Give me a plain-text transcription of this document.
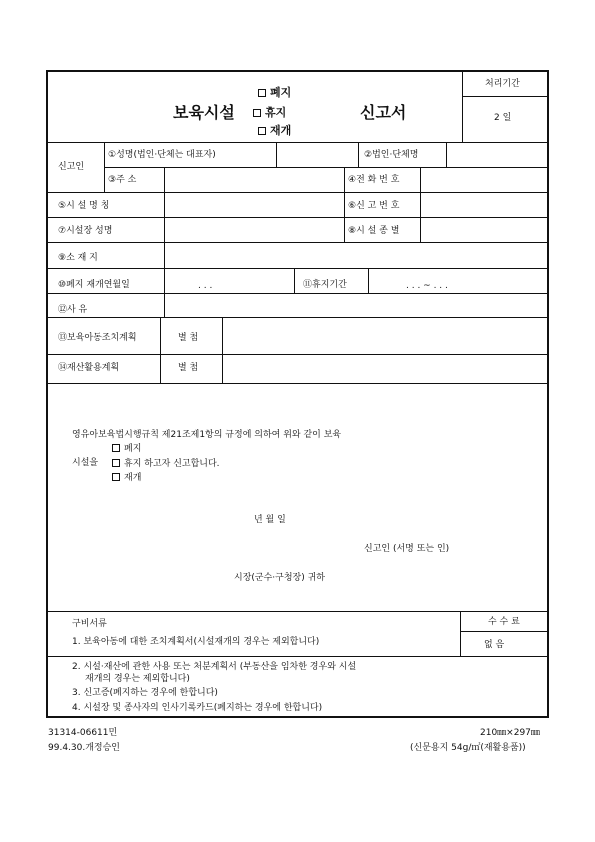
폐지
보육시설	휴지	신고서
재개
처리기간
2 일
신고인
①성명(법인·단체는 대표자)	②법인·단체명
③주 소	④전 화 번 호
⑤시 설 명 칭	⑥신 고 번 호
⑦시설장 성명	⑧시 설 종 별
⑨소 재 지
⑩폐지 재개연월일	. . .	⑪휴지기간	. . . ~ . . .
⑫사 유
⑬보육아동조치계획	별 첨
⑭재산활용계획	별 첨
영유아보육법시행규칙 제21조제1항의 규정에 의하여 위와 같이 보육
폐지
시설을	휴지 하고자 신고합니다.
재개
년 월 일
신고인 (서명 또는 인)
시장(군수·구청장) 귀하
구비서류	수 수 료
없 음
1. 보육아동에 대한 조치계획서(시설재개의 경우는 제외합니다)
2. 시설·재산에 관한 사용 또는 처분계획서 (부동산을 임차한 경우와 시설
재개의 경우는 제외합니다)
3. 신고증(폐지하는 경우에 한합니다)
4. 시설장 및 종사자의 인사기록카드(폐지하는 경우에 한합니다)
31314-06611민
99.4.30.개정승인
210㎜×297㎜
(신문용지 54g/㎡(재활용품))
